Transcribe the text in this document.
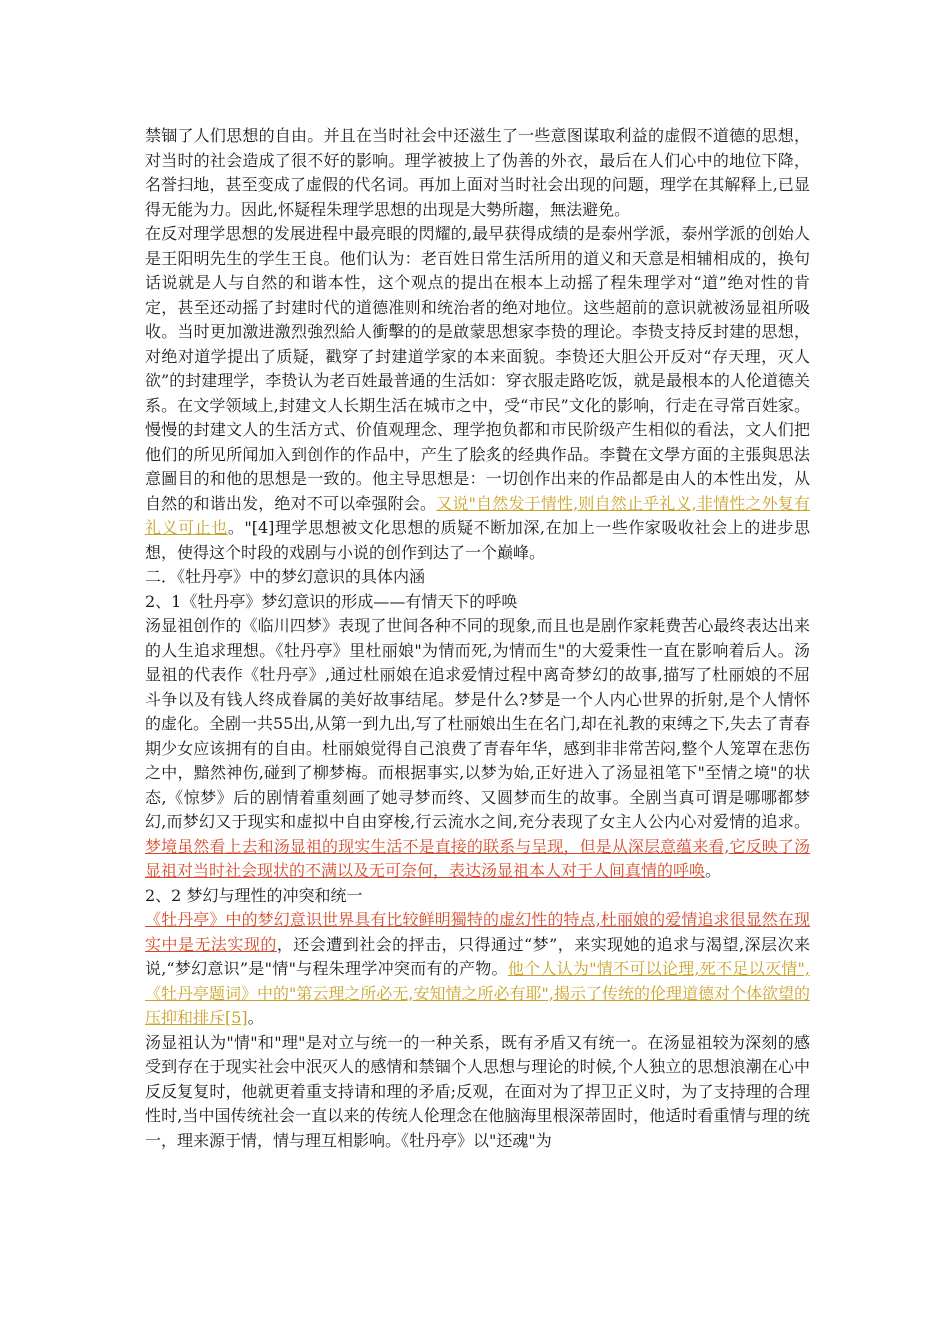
禁锢了人们思想的自由。并且在当时社会中还滋生了一些意图谋取利益的虚假不道德的思想，对当时的社会造成了很不好的影响。理学被披上了伪善的外衣，最后在人们心中的地位下降，名誉扫地，甚至变成了虚假的代名词。再加上面对当时社会出现的问题，理学在其解释上,已显得无能为力。因此,怀疑程朱理学思想的出现是大勢所趨，無法避免。

在反对理学思想的发展进程中最亮眼的閃耀的,最早获得成绩的是泰州学派，泰州学派的创始人是王阳明先生的学生王良。他们认为：老百姓日常生活所用的道义和天意是相辅相成的，换句话说就是人与自然的和谐本性，这个观点的提出在根本上动摇了程朱理学对“道”绝对性的肯定，甚至还动摇了封建时代的道德准则和统治者的绝对地位。这些超前的意识就被汤显祖所吸收。当时更加激进激烈強烈給人衝擊的的是啟蒙思想家李贽的理论。李贽支持反封建的思想，对绝对道学提出了质疑，戳穿了封建道学家的本来面貌。李贽还大胆公开反对“存天理，灭人欲”的封建理学，李贽认为老百姓最普通的生活如：穿衣服走路吃饭，就是最根本的人伦道德关系。在文学领域上,封建文人长期生活在城市之中，受“市民”文化的影响，行走在寻常百姓家。慢慢的封建文人的生活方式、价值观理念、理学抱负都和市民阶级产生相似的看法，文人们把他们的所见所闻加入到创作的作品中，产生了脍炙的经典作品。李贄在文學方面的主張與思法意圖目的和他的思想是一致的。他主导思想是：一切创作出来的作品都是由人的本性出发，从自然的和谐出发，绝对不可以牵强附会。又说"自然发于情性,则自然止乎礼义,非情性之外复有礼义可止也。"[4]理学思想被文化思想的质疑不断加深,在加上一些作家吸收社会上的进步思想，使得这个时段的戏剧与小说的创作到达了一个巅峰。

二．《牡丹亭》中的梦幻意识的具体内涵

2、1《牡丹亭》梦幻意识的形成——有情天下的呼唤

汤显祖创作的《临川四梦》表现了世间各种不同的现象,而且也是剧作家耗费苦心最终表达出来的人生追求理想。《牡丹亭》里杜丽娘"为情而死,为情而生"的大爱秉性一直在影响着后人。汤显祖的代表作《牡丹亭》,通过杜丽娘在追求爱情过程中离奇梦幻的故事,描写了杜丽娘的不屈斗争以及有钱人终成眷属的美好故事结尾。梦是什么?梦是一个人内心世界的折射,是个人情怀的虚化。全剧一共55出,从第一到九出,写了杜丽娘出生在名门,却在礼教的束缚之下,失去了青春期少女应该拥有的自由。杜丽娘觉得自己浪费了青春年华，感到非非常苦闷,整个人笼罩在悲伤之中，黯然神伤,碰到了柳梦梅。而根据事实,以梦为始,正好进入了汤显祖笔下"至情之境"的状态,《惊梦》后的剧情着重刻画了她寻梦而终、又圆梦而生的故事。全剧当真可谓是哪哪都梦幻,而梦幻又于现实和虚拟中自由穿梭,行云流水之间,充分表现了女主人公内心对爱情的追求。梦境虽然看上去和汤显祖的现实生活不是直接的联系与呈现，但是从深层意蕴来看,它反映了汤显祖对当时社会现状的不满以及无可奈何，表达汤显祖本人对于人间真情的呼唤。

2、2 梦幻与理性的冲突和统一

《牡丹亭》中的梦幻意识世界具有比较鲜明獨特的虚幻性的特点,杜丽娘的爱情追求很显然在现实中是无法实现的，还会遭到社会的抨击，只得通过“梦”，来实现她的追求与渴望,深层次来说,“梦幻意识”是"情"与程朱理学冲突而有的产物。他个人认为"情不可以论理,死不足以灭情",《牡丹亭题词》中的"第云理之所必无,安知情之所必有耶",揭示了传统的伦理道德对个体欲望的压抑和排斥[5]。

汤显祖认为"情"和"理"是对立与统一的一种关系，既有矛盾又有统一。在汤显祖较为深刻的感受到存在于现实社会中泯灭人的感情和禁锢个人思想与理论的时候,个人独立的思想浪潮在心中反反复复时，他就更着重支持请和理的矛盾;反观，在面对为了捍卫正义时，为了支持理的合理性时,当中国传统社会一直以来的传统人伦理念在他脑海里根深蒂固时，他适时看重情与理的统一，理来源于情，情与理互相影响。《牡丹亭》以"还魂"为
